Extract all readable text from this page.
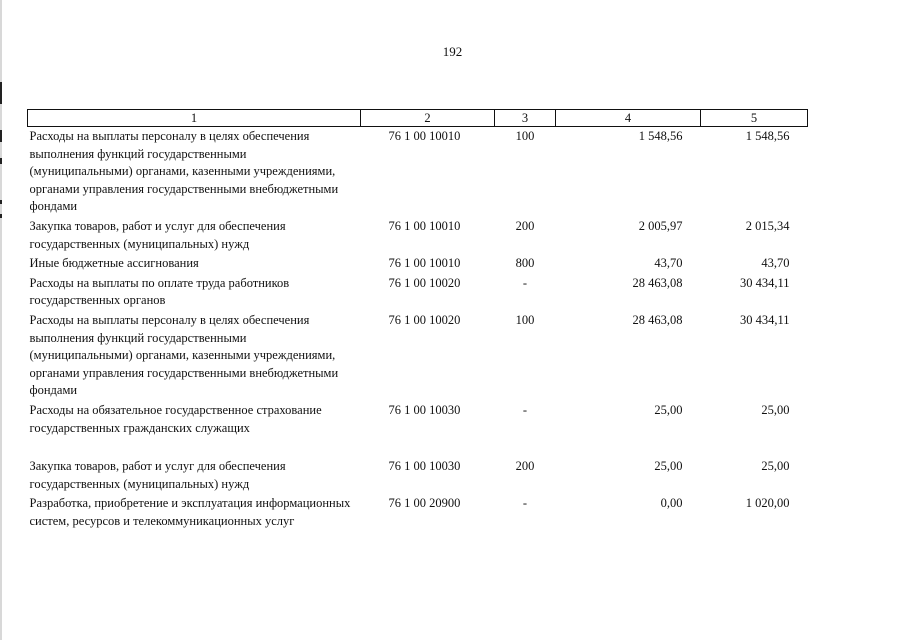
192
1	2	3	4	5
Расходы на выплаты персоналу в целях обеспечения выполнения функций государственными (муниципальными) органами, казенными учреждениями, органами управления государственными внебюджетными фондами	76 1 00 10010	100	1 548,56	1 548,56
Закупка товаров, работ и услуг для обеспечения государственных (муниципальных) нужд	76 1 00 10010	200	2 005,97	2 015,34
Иные бюджетные ассигнования	76 1 00 10010	800	43,70	43,70
Расходы на выплаты по оплате труда работников государственных органов	76 1 00 10020	-	28 463,08	30 434,11
Расходы на выплаты персоналу в целях обеспечения выполнения функций государственными (муниципальными) органами, казенными учреждениями, органами управления государственными внебюджетными фондами	76 1 00 10020	100	28 463,08	30 434,11
Расходы на обязательное государственное страхование государственных гражданских служащих	76 1 00 10030	-	25,00	25,00
Закупка товаров, работ и услуг для обеспечения государственных (муниципальных) нужд	76 1 00 10030	200	25,00	25,00
Разработка, приобретение и эксплуатация информационных систем, ресурсов и телекоммуникационных услуг	76 1 00 20900	-	0,00	1 020,00
